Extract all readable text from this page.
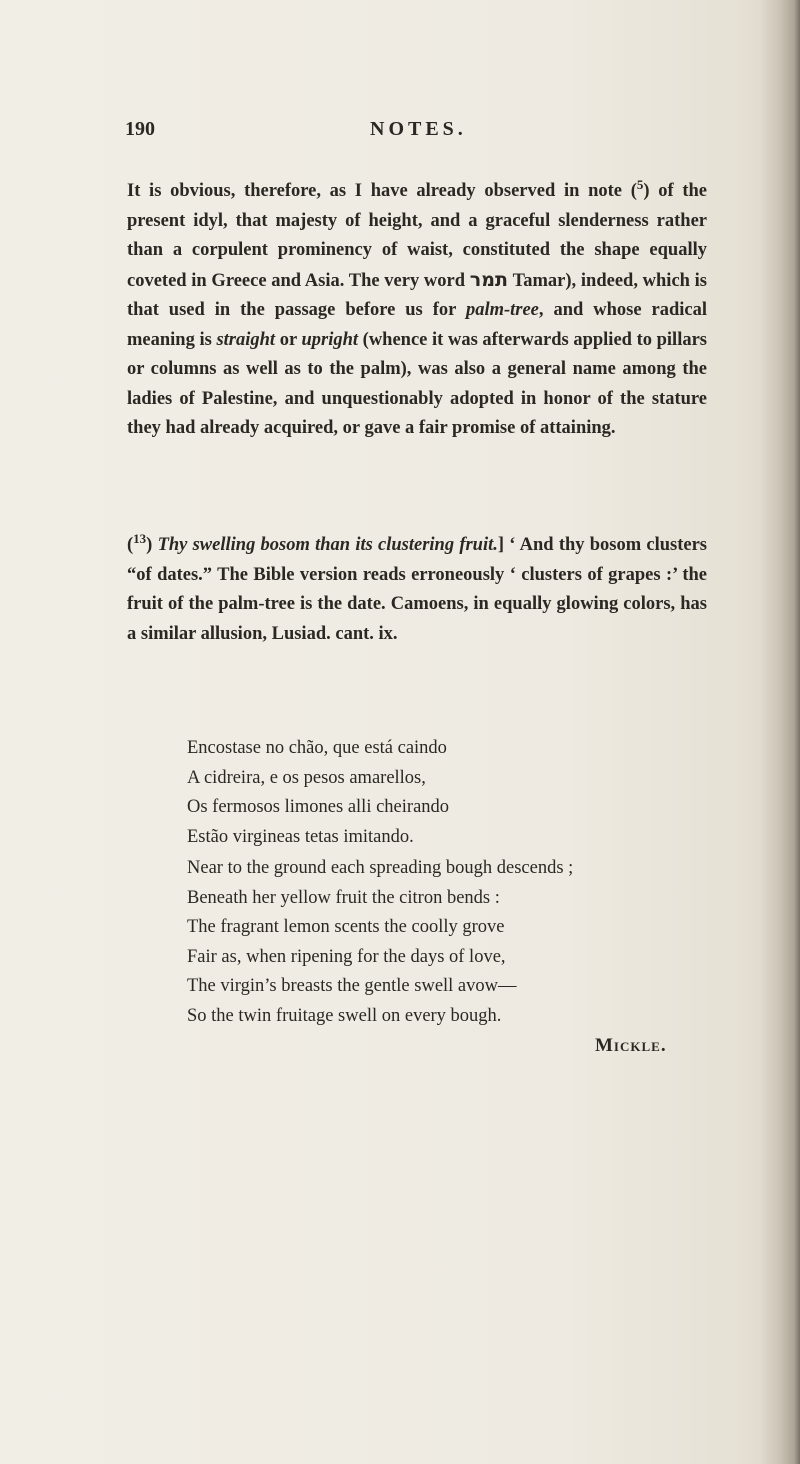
190	NOTES.

It is obvious, therefore, as I have already observed in note ($^5$) of the present idyl, that majesty of height, and a graceful slenderness rather than a corpulent prominency of waist, constituted the shape equally coveted in Greece and Asia. The very word תמר Tamar), indeed, which is that used in the passage before us for palm-tree, and whose radical meaning is straight or upright (whence it was afterwards applied to pillars or columns as well as to the palm), was also a general name among the ladies of Palestine, and unquestionably adopted in honor of the stature they had already acquired, or gave a fair promise of attaining.

($^{13}$) Thy swelling bosom than its clustering fruit.] ‘ And thy bosom clusters “of dates.” The Bible version reads erroneously ‘ clusters of grapes :’ the fruit of the palm-tree is the date. Camoens, in equally glowing colors, has a similar allusion, Lusiad. cant. ix.

Encostase no chão, que está caindo
A cidreira, e os pesos amarellos,
Os fermosos limones alli cheirando
Estão virgineas tetas imitando.
Near to the ground each spreading bough descends ;
Beneath her yellow fruit the citron bends :
The fragrant lemon scents the coolly grove
Fair as, when ripening for the days of love,
The virgin’s breasts the gentle swell avow—
So the twin fruitage swell on every bough.
Mickle.
